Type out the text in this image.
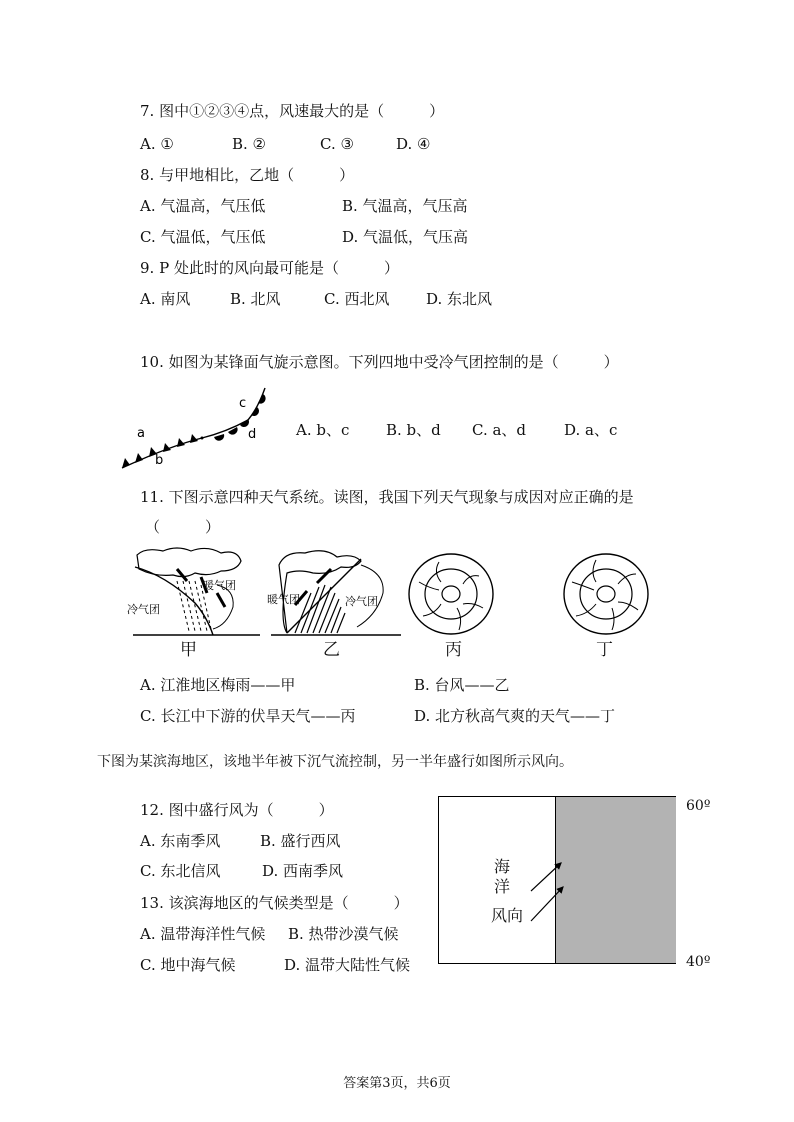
7. 图中①②③④点，风速最大的是（　　　）
A. ①	B. ②	C. ③	D. ④
8. 与甲地相比，乙地（　　　）
A. 气温高，气压低	B. 气温高，气压高
C. 气温低，气压低	D. 气温低，气压高
9. P 处此时的风向最可能是（　　　）
A. 南风	B. 北风	C. 西北风 D. 东北风
10. 如图为某锋面气旋示意图。下列四地中受冷气团控制的是（　　　）
a
b
c
d	A. b、c B. b、d C. a、d	D. a、c
11. 下图示意四种天气系统。读图，我国下列天气现象与成因对应正确的是
（　　　）
暖气团
冷气团
暖气团	冷气团
甲	乙	丙	丁
A. 江淮地区梅雨——甲	B. 台风——乙
C. 长江中下游的伏旱天气——丙	D. 北方秋高气爽的天气——丁
下图为某滨海地区，该地半年被下沉气流控制，另一半年盛行如图所示风向。
12. 图中盛行风为（　　　）
A. 东南季风	B. 盛行西风
C. 东北信风	D. 西南季风
13. 该滨海地区的气候类型是（　　　）
A. 温带海洋性气候 B. 热带沙漠气候
C. 地中海气候	D. 温带大陆性气候
海
洋
风向
60º
40º
答案第3页，共6页
